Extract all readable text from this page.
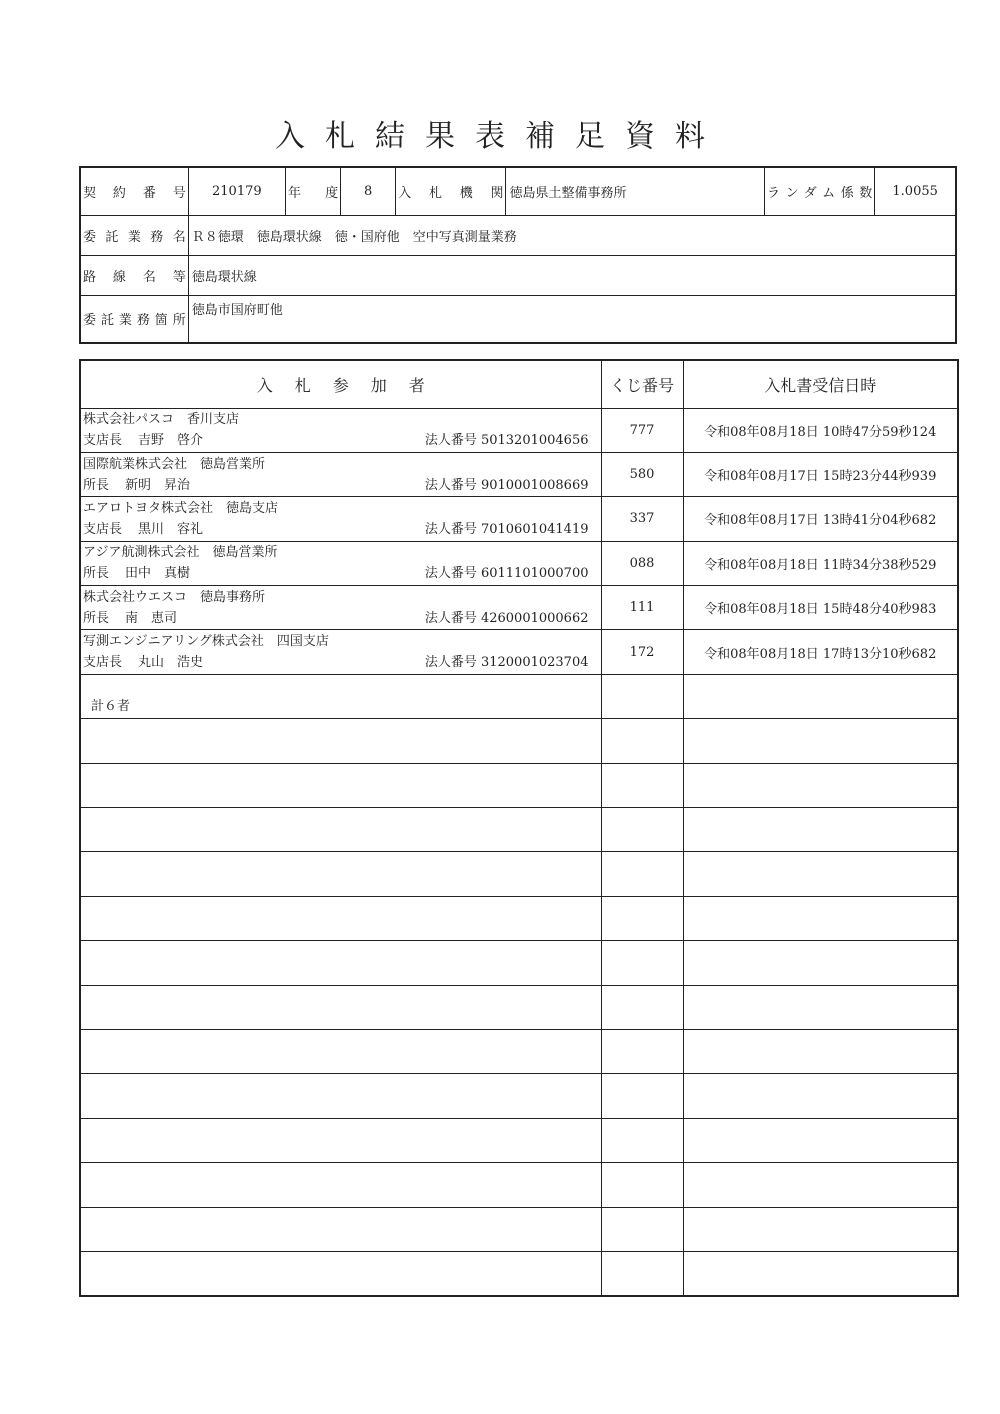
入札結果表補足資料
契約番号	210179	年度	8	入札機関	徳島県土整備事務所	ランダム係数	1.0055
委託業務名	Ｒ８徳環　徳島環状線　徳・国府他　空中写真測量業務						
路線名等	徳島環状線						
委託業務箇所	徳島市国府町他						
入札参加者	くじ番号	入札書受信日時

株式会社パスコ　香川支店
支店長 吉野　啓介 法人番号 5013201004656	777	令和08年08月18日 10時47分59秒124

国際航業株式会社　徳島営業所
所長 新明　昇治 法人番号 9010001008669	580	令和08年08月17日 15時23分44秒939

エアロトヨタ株式会社　徳島支店
支店長 黒川　容礼 法人番号 7010601041419	337	令和08年08月17日 13時41分04秒682

アジア航測株式会社　徳島営業所
所長 田中　真樹 法人番号 6011101000700	088	令和08年08月18日 11時34分38秒529

株式会社ウエスコ　徳島事務所
所長 南　恵司 法人番号 4260001000662	111	令和08年08月18日 15時48分40秒983

写測エンジニアリング株式会社　四国支店
支店長 丸山　浩史 法人番号 3120001023704	172	令和08年08月18日 17時13分10秒682
計６者		
